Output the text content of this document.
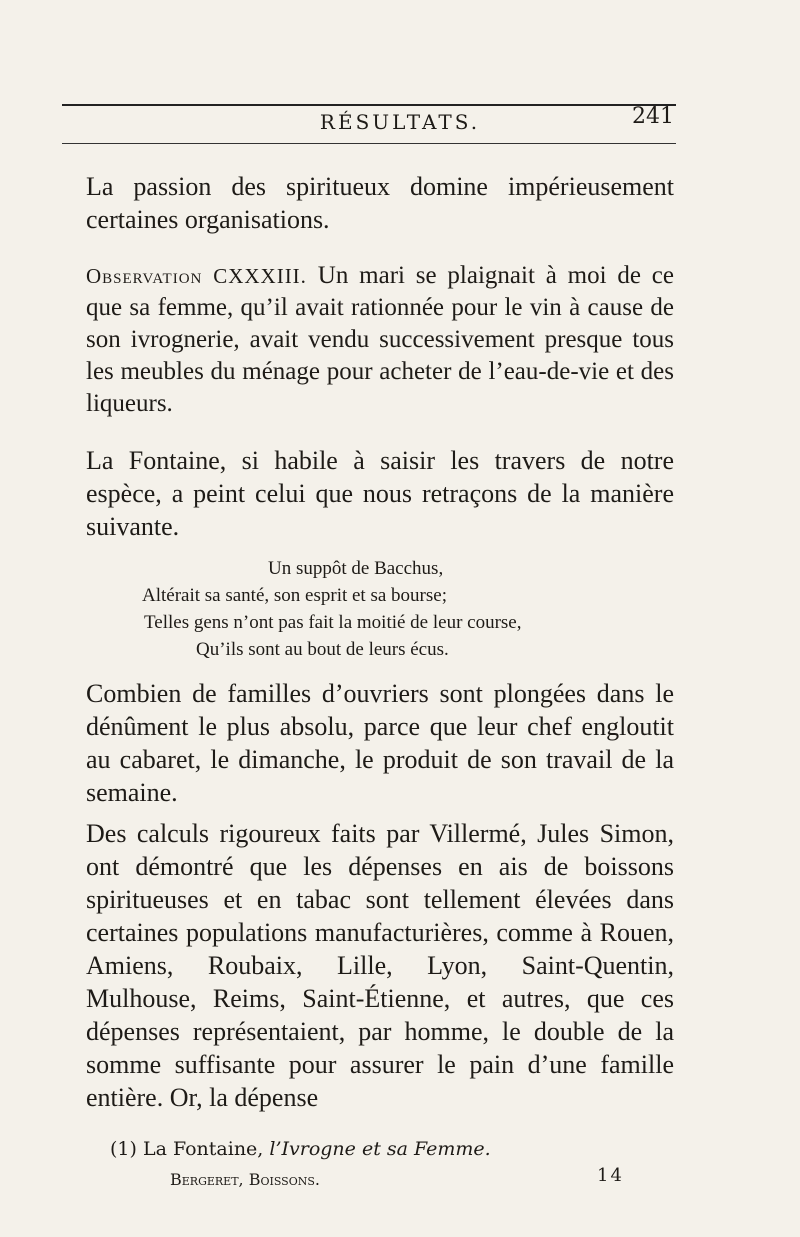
RÉSULTATS.	241

La passion des spiritueux domine impérieusement certaines organisations.

Observation CXXXIII. Un mari se plaignait à moi de ce que sa femme, qu’il avait rationnée pour le vin à cause de son ivrognerie, avait vendu successivement presque tous les meubles du ménage pour acheter de l’eau-de-vie et des liqueurs.

La Fontaine, si habile à saisir les travers de notre espèce, a peint celui que nous retraçons de la manière suivante.

Un suppôt de Bacchus,
Altérait sa santé, son esprit et sa bourse;
Telles gens n’ont pas fait la moitié de leur course,
Qu’ils sont au bout de leurs écus.

Combien de familles d’ouvriers sont plongées dans le dénûment le plus absolu, parce que leur chef engloutit au cabaret, le dimanche, le produit de son travail de la semaine.

Des calculs rigoureux faits par Villermé, Jules Simon, ont démontré que les dépenses en ais de boissons spiritueuses et en tabac sont tellement élevées dans certaines populations manufacturières, comme à Rouen, Amiens, Roubaix, Lille, Lyon, Saint-Quentin, Mulhouse, Reims, Saint-Étienne, et autres, que ces dépenses représentaient, par homme, le double de la somme suffisante pour assurer le pain d’une famille entière. Or, la dépense

(1) La Fontaine, l’Ivrogne et sa Femme.
Bergeret, Boissons.	14
